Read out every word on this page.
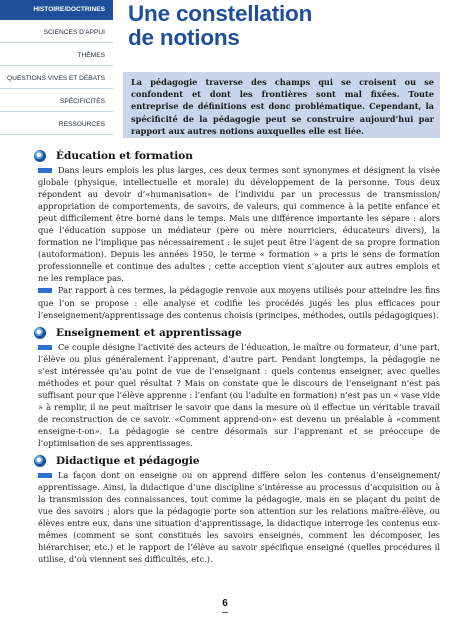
HISTOIRE/DOCTRINES
SCIENCES D'APPUI
THÈMES
QUESTIONS VIVES ET DÉBATS
SPÉCIFICITÉS
RESSOURCES
Une constellation
de notions

La pédagogie traverse des champs qui se croisent ou se confondent et dont les frontières sont mal fixées. Toute entreprise de définitions est donc problématique. Cependant, la spécificité de la pédagogie peut se construire aujourd’hui par rapport aux autres notions auxquelles elle est liée.

Éducation et formation

Dans leurs emplois les plus larges, ces deux termes sont synonymes et désignent la visée globale (physique, intellectuelle et morale) du développement de la personne. Tous deux répondent au devoir d’«humanisation» de l’individu par un processus de transmission/ appropriation de comportements, de savoirs, de valeurs, qui commence à la petite enfance et peut difficilement être borné dans le temps. Mais une différence importante les sépare : alors que l’éducation suppose un médiateur (père ou mère nourriciers, éducateurs divers), la formation ne l’implique pas nécessairement : le sujet peut être l’agent de sa propre formation (autoformation). Depuis les années 1950, le terme « formation » a pris le sens de formation professionnelle et continue des adultes ; cette acception vient s’ajouter aux autres emplois et ne les remplace pas.

Par rapport à ces termes, la pédagogie renvoie aux moyens utilisés pour atteindre les fins que l’on se propose : elle analyse et codifie les procédés jugés les plus efficaces pour l’enseignement/apprentissage des contenus choisis (principes, méthodes, outils pédagogiques).

Enseignement et apprentissage

Ce couple désigne l’activité des acteurs de l’éducation, le maître ou formateur, d’une part, l’élève ou plus généralement l’apprenant, d’autre part. Pendant longtemps, la pédagogie ne s’est intéressée qu’au point de vue de l’enseignant : quels contenus enseigner, avec quelles méthodes et pour quel résultat ? Mais on constate que le discours de l’enseignant n’est pas suffisant pour que l’élève apprenne : l’enfant (ou l’adulte en formation) n’est pas un « vase vide » à remplir, il ne peut maîtriser le savoir que dans la mesure où il effectue un véritable travail de reconstruction de ce savoir. «Comment apprend-on» est devenu un préalable à «comment enseigne-t-on». La pédagogie se centre désormais sur l’apprenant et se préoccupe de l’optimisation de ses apprentissages.

Didactique et pédagogie

La façon dont on enseigne ou on apprend diffère selon les contenus d’enseignement/ apprentissage. Ainsi, la didactique d’une discipline s’intéresse au processus d’acquisition ou à la transmission des connaissances, tout comme la pédagogie, mais en se plaçant du point de vue des savoirs ; alors que la pédagogie porte son attention sur les relations maître-élève, ou élèves entre eux, dans une situation d’apprentissage, la didactique interroge les contenus eux-mêmes (comment se sont constitués les savoirs enseignés, comment les décomposer, les hiérarchiser, etc.) et le rapport de l’élève au savoir spécifique enseigné (quelles procédures il utilise, d’où viennent ses difficultés, etc.).

6
